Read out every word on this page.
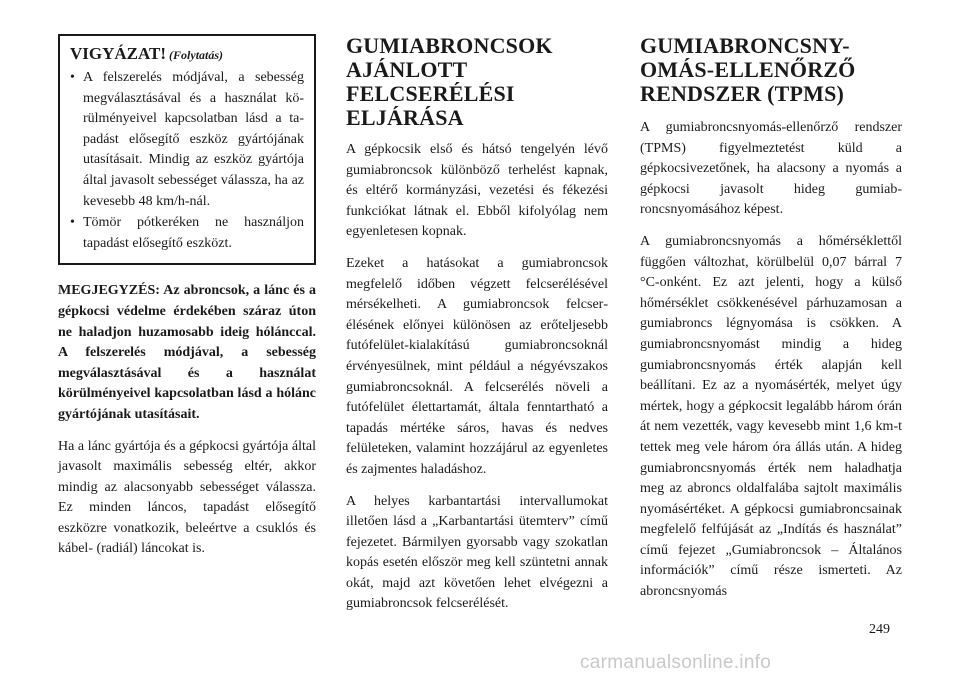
VIGYÁZAT! (Folytatás)
• A felszerelés módjával, a sebesség megválasztásával és a használat körülményeivel kapcsolatban lásd a tapadást elősegítő eszköz gyártójának utasításait. Mindig az eszköz gyártója által javasolt sebességet válassza, ha az kevesebb 48 km/h-nál.
• Tömör pótkeréken ne használjon tapadást elősegítő eszközt.

MEGJEGYZÉS: Az abroncsok, a lánc és a gépkocsi védelme érdekében száraz úton ne haladjon huzamosabb ideig hólánccal. A felszerelés módjával, a sebesség megválasztásával és a használat körülményeivel kapcsolatban lásd a hólánc gyártójának utasításait.

Ha a lánc gyártója és a gépkocsi gyártója által javasolt maximális sebesség eltér, akkor mindig az alacsonyabb sebességet válassza. Ez minden láncos, tapadást elősegítő eszközre vonatkozik, beleértve a csuklós és kábel- (radiál) láncokat is.

GUMIABRONCSOK
AJÁNLOTT
FELCSERÉLÉSI
ELJÁRÁSA

A gépkocsik első és hátsó tengelyén lévő gumiabroncsok különböző terhelést kapnak, és eltérő kormányzási, vezetési és fékezési funkciókat látnak el. Ebből kifolyólag nem egyenletesen kopnak.

Ezeket a hatásokat a gumiabroncsok megfelelő időben végzett felcserélésével mérsékelheti. A gumiabroncsok felcserélésének előnyei különösen az erőteljesebb futófelület-kialakítású gumiabroncsoknál érvényesülnek, mint például a négyévszakos gumiabroncsoknál. A felcserélés növeli a futófelület élettartamát, általa fenntartható a tapadás mértéke sáros, havas és nedves felületeken, valamint hozzájárul az egyenletes és zajmentes haladáshoz.

A helyes karbantartási intervallumokat illetően lásd a „Karbantartási ütemterv” című fejezetet. Bármilyen gyorsabb vagy szokatlan kopás esetén először meg kell szüntetni annak okát, majd azt követően lehet elvégezni a gumiabroncsok felcserélését.

GUMIABRONCSNY-
OMÁS-ELLENŐRZŐ
RENDSZER (TPMS)

A gumiabroncsnyomás-ellenőrző rendszer (TPMS) figyelmeztetést küld a gépkocsivezetőnek, ha alacsony a nyomás a gépkocsi javasolt hideg gumiabroncsnyomásához képest.

A gumiabroncsnyomás a hőmérséklettől függően változhat, körülbelül 0,07 bárral 7 °C-onként. Ez azt jelenti, hogy a külső hőmérséklet csökkenésével párhuzamosan a gumiabroncs légnyomása is csökken. A gumiabroncsnyomást mindig a hideg gumiabroncsnyomás érték alapján kell beállítani. Ez az a nyomásérték, melyet úgy mértek, hogy a gépkocsit legalább három órán át nem vezették, vagy kevesebb mint 1,6 km-t tettek meg vele három óra állás után. A hideg gumiabroncsnyomás érték nem haladhatja meg az abroncs oldalfalába sajtolt maximális nyomásértéket. A gépkocsi gumiabroncsainak megfelelő felfújását az „Indítás és használat” című fejezet „Gumiabroncsok – Általános információk” című része ismerteti. Az abroncsnyomás

249
carmanualsonline.info
